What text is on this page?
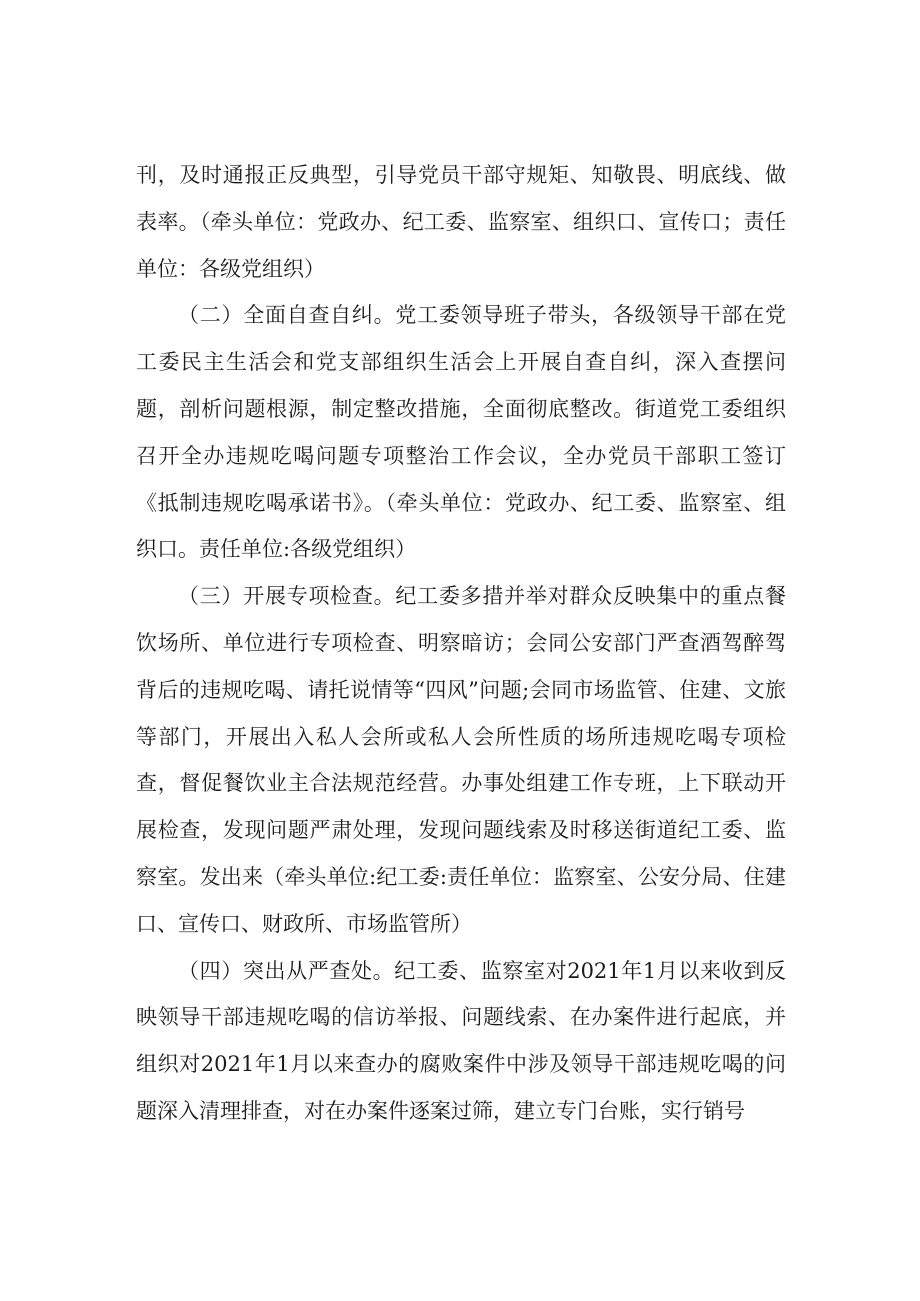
刊，及时通报正反典型，引导党员干部守规矩、知敬畏、明底线、做表率。（牵头单位：党政办、纪工委、监察室、组织口、宣传口；责任单位：各级党组织）

（二）全面自查自纠。党工委领导班子带头，各级领导干部在党工委民主生活会和党支部组织生活会上开展自查自纠，深入查摆问题，剖析问题根源，制定整改措施，全面彻底整改。街道党工委组织召开全办违规吃喝问题专项整治工作会议，全办党员干部职工签订《抵制违规吃喝承诺书》。（牵头单位：党政办、纪工委、监察室、组织口。责任单位:各级党组织）

（三）开展专项检查。纪工委多措并举对群众反映集中的重点餐饮场所、单位进行专项检查、明察暗访；会同公安部门严查酒驾醉驾背后的违规吃喝、请托说情等“四风”问题;会同市场监管、住建、文旅等部门，开展出入私人会所或私人会所性质的场所违规吃喝专项检查，督促餐饮业主合法规范经营。办事处组建工作专班，上下联动开展检查，发现问题严肃处理，发现问题线索及时移送街道纪工委、监察室。发出来（牵头单位:纪工委:责任单位：监察室、公安分局、住建口、宣传口、财政所、市场监管所）

（四）突出从严查处。纪工委、监察室对2021年1月以来收到反映领导干部违规吃喝的信访举报、问题线索、在办案件进行起底，并组织对2021年1月以来查办的腐败案件中涉及领导干部违规吃喝的问题深入清理排查，对在办案件逐案过筛，建立专门台账，实行销号
